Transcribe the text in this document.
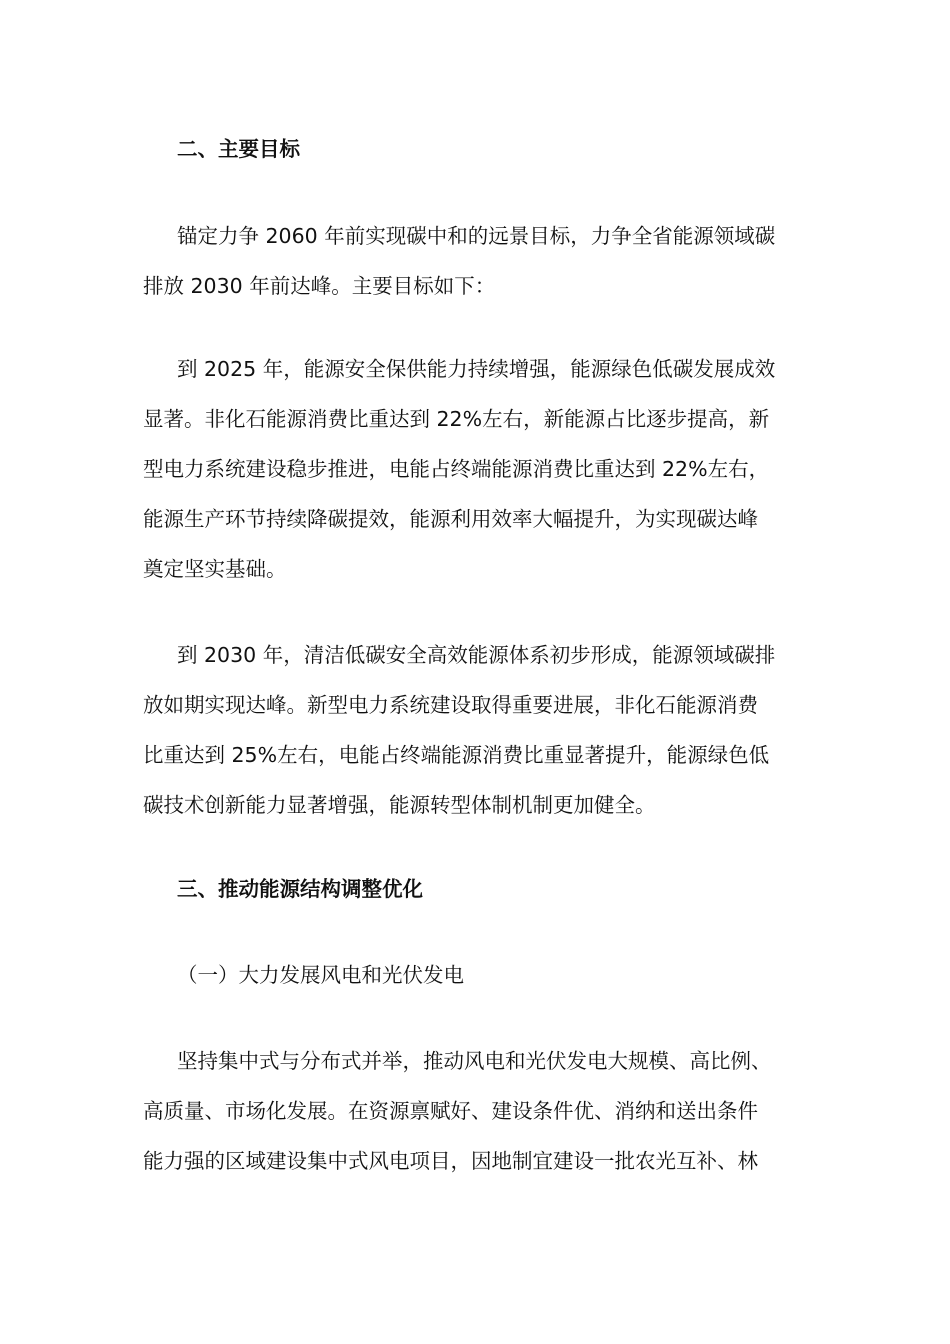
二、主要目标
锚定力争 2060 年前实现碳中和的远景目标，力争全省能源领域碳
排放 2030 年前达峰。主要目标如下：
到 2025 年，能源安全保供能力持续增强，能源绿色低碳发展成效
显著。非化石能源消费比重达到 22%左右，新能源占比逐步提高，新
型电力系统建设稳步推进，电能占终端能源消费比重达到 22%左右，
能源生产环节持续降碳提效，能源利用效率大幅提升，为实现碳达峰
奠定坚实基础。
到 2030 年，清洁低碳安全高效能源体系初步形成，能源领域碳排
放如期实现达峰。新型电力系统建设取得重要进展，非化石能源消费
比重达到 25%左右，电能占终端能源消费比重显著提升，能源绿色低
碳技术创新能力显著增强，能源转型体制机制更加健全。
三、推动能源结构调整优化
（一）大力发展风电和光伏发电
坚持集中式与分布式并举，推动风电和光伏发电大规模、高比例、
高质量、市场化发展。在资源禀赋好、建设条件优、消纳和送出条件
能力强的区域建设集中式风电项目，因地制宜建设一批农光互补、林
